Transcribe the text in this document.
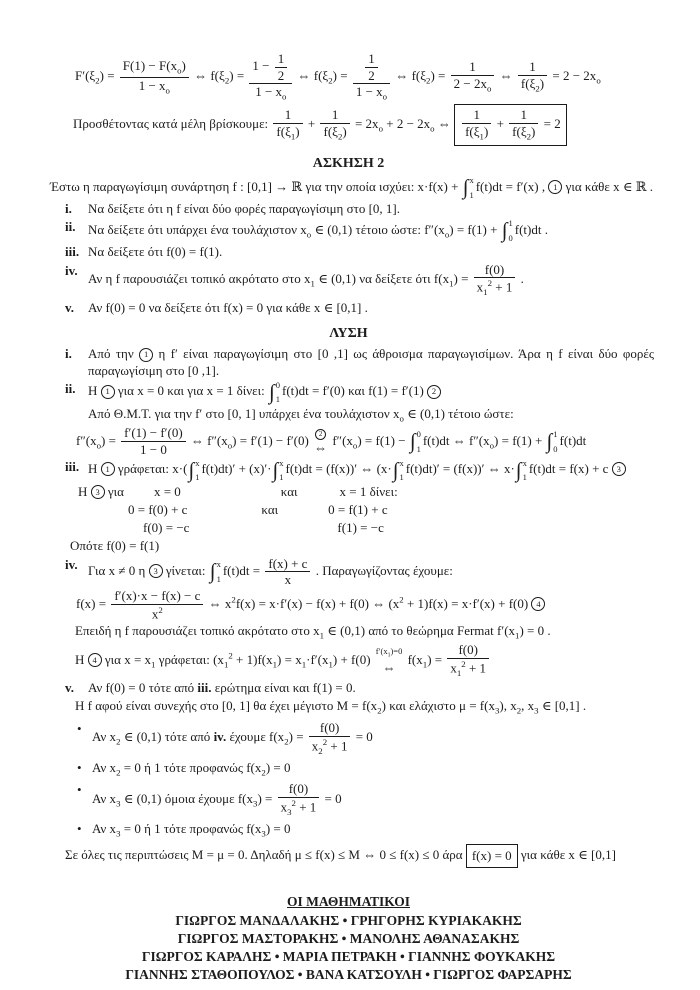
$F'(\xi_2) = \frac{F(1) - F(x_o)}{1 - x_o}$ ⇔ $f(\xi_2) = \frac{1 - \frac{1}{2}}{1 - x_o}$ ⇔ $f(\xi_2) = \frac{\frac{1}{2}}{1 - x_o}$ ⇔ $f(\xi_2) = \frac{1}{2 - 2x_o}$ ⇔ $\frac{1}{f(\xi_2)} = 2 - 2x_o$
Προσθέτοντας κατά μέλη βρίσκουμε: $\frac{1}{f(\xi_1)} + \frac{1}{f(\xi_2)} = 2x_o + 2 - 2x_o$ ⇔ $\frac{1}{f(\xi_1)} + \frac{1}{f(\xi_2)} = 2$
ΑΣΚΗΣΗ 2
Έστω η παραγωγίσιμη συνάρτηση f : [0,1] → ℝ για την οποία ισχύει: x·f(x) + ∫ x
1
f(t)dt = f′(x) , 1 για κάθε x ∈ ℝ .
i. Να δείξετε ότι η f είναι δύο φορές παραγωγίσιμη στο [0, 1].
ii. Να δείξετε ότι υπάρχει ένα τουλάχιστον $x_o$ ∈ (0,1) τέτοιο ώστε: $f''(x_o) = f(1)$ + ∫ 1
0
f(t)dt .
iii. Να δείξετε ότι f(0) = f(1).
iv.
Αν η f παρουσιάζει τοπικό ακρότατο στο $x_1$ ∈ (0,1) να δείξετε ότι $f(x_1) = \frac{f(0)}{x_1^2 + 1}$ .
v. Αν f(0) = 0 να δείξετε ότι f(x) = 0 για κάθε x ∈ [0,1] .
ΛΥΣΗ
i. Από την 1 η f′ είναι παραγωγίσιμη στο [0 ,1] ως άθροισμα παραγωγισίμων. Άρα η f είναι δύο φορές παραγωγίσιμη στο [0 ,1].
ii. Η 1 για x = 0 και για x = 1 δίνει: ∫ 0
1
f(t)dt = f′(0) και f(1) = f′(1) 2
Από Θ.Μ.Τ. για την f′ στο [0, 1] υπάρχει ένα τουλάχιστον $x_o$ ∈ (0,1) τέτοιο ώστε:
$f''(x_o) = \frac{f'(1) - f'(0)}{1 - 0}$ ⇔ $f''(x_o) = f'(1) - f'(0)$ 2
⇔
$f''(x_o) = f(1)$ − ∫ 0
1
f(t)dt ⇔ $f''(x_o) = f(1)$ + ∫ 1
0
f(t)dt
iii. Η 1 γράφεται: x·( ∫ x
1
f(t)dt)′ + (x)′· ∫ x
1
f(t)dt = (f(x))′ ⇔ (x· ∫ x
1
f(t)dt)′ = (f(x))′ ⇔ x· ∫ x
1
f(t)dt = f(x) + c 3
Η 3 για x = 0	και	x = 1 δίνει:
0 = f(0) + c	και	0 = f(1) + c
f(0) = −c	f(1) = −c
Οπότε f(0) = f(1)
iv. Για x ≠ 0 η 3 γίνεται: ∫ x
1
$f(t)dt = \frac{f(x) + c}{x}$ . Παραγωγίζοντας έχουμε:
$f(x) = \frac{f'(x)\cdot x - f(x) - c}{x^2}$ ⇔ $x^2f(x) = x\cdot f'(x) - f(x) + f(0)$ ⇔ $(x^2 + 1)f(x) = x\cdot f'(x) + f(0)$ 4
Επειδή η f παρουσιάζει τοπικό ακρότατο στο $x_1$ ∈ (0,1) από το θεώρημα Fermat $f'(x_1) = 0$ .
Η 4 για $x = x_1$ γράφεται: $(x_1^2 + 1)f(x_1) = x_1\cdot f'(x_1) + f(0)$
$f'(x_1)=0$
⇔
$f(x_1) = \frac{f(0)}{x_1^2 + 1}$
v. Αν f(0) = 0 τότε από iii. ερώτημα είναι και f(1) = 0.
Η f αφού είναι συνεχής στο [0, 1] θα έχει μέγιστο $M = f(x_2)$ και ελάχιστο $\mu = f(x_3)$, $x_2$, $x_3$ ∈ [0,1] .
•
Αν $x_2$ ∈ (0,1) τότε από iv. έχουμε $f(x_2) = \frac{f(0)}{x_2^2 + 1} = 0$
• Αν $x_2 = 0$ ή 1 τότε προφανώς $f(x_2) = 0$
•
Αν $x_3$ ∈ (0,1) όμοια έχουμε $f(x_3) = \frac{f(0)}{x_3^2 + 1} = 0$
• Αν $x_3 = 0$ ή 1 τότε προφανώς $f(x_3) = 0$
Σε όλες τις περιπτώσεις M = μ = 0. Δηλαδή μ ≤ f(x) ≤ M ⇔ 0 ≤ f(x) ≤ 0 άρα f(x) = 0 για κάθε x ∈ [0,1]
ΟΙ ΜΑΘΗΜΑΤΙΚΟΙ
ΓΙΩΡΓΟΣ ΜΑΝΔΑΛΑΚΗΣ • ΓΡΗΓΟΡΗΣ ΚΥΡΙΑΚΑΚΗΣ
ΓΙΩΡΓΟΣ ΜΑΣΤΟΡΑΚΗΣ • ΜΑΝΟΛΗΣ ΑΘΑΝΑΣΑΚΗΣ
ΓΙΩΡΓΟΣ ΚΑΡΑΛΗΣ • ΜΑΡΙΑ ΠΕΤΡΑΚΗ • ΓΙΑΝΝΗΣ ΦΟΥΚΑΚΗΣ
ΓΙΑΝΝΗΣ ΣΤΑΘΟΠΟΥΛΟΣ • ΒΑΝΑ ΚΑΤΣΟΥΛΗ • ΓΙΩΡΓΟΣ ΦΑΡΣΑΡΗΣ
